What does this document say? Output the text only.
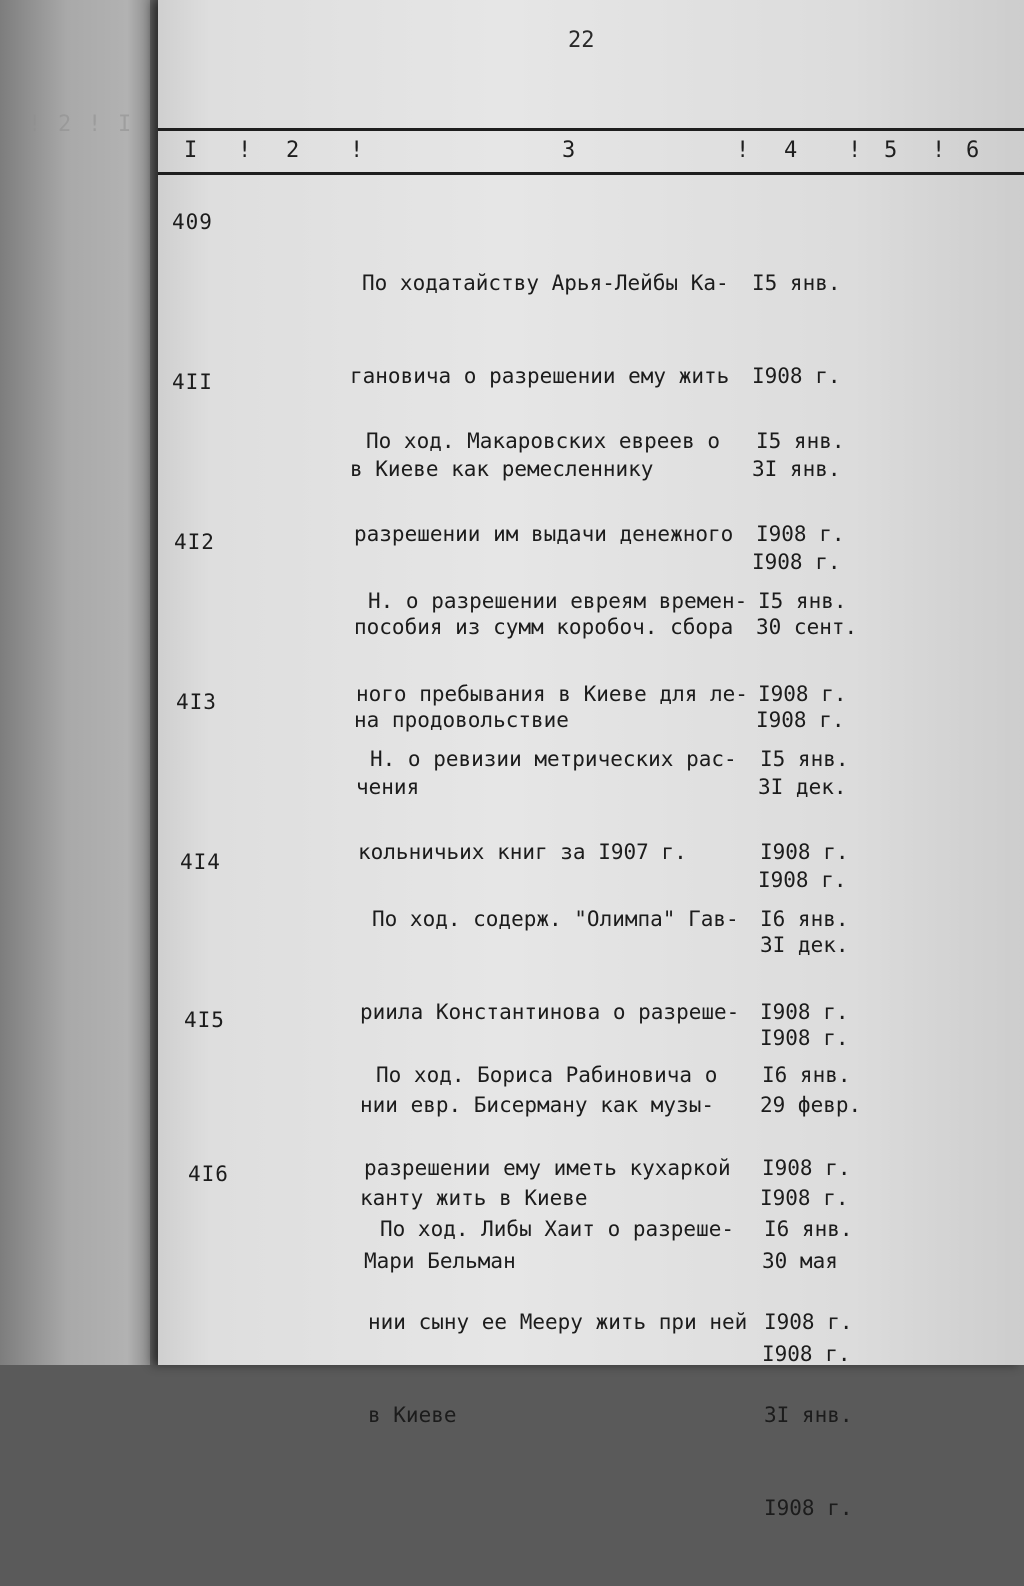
! 2 ! I
22
I ! 2 !	3	! 4 ! 5 ! 6
409

По ходатайству Арья-Лейбы Ка-

гановича о разрешении ему жить

в Киеве как ремесленнику

I5 янв.

I908 г.

3I янв.

I908 г.

4II

По ход. Макаровских евреев о

разрешении им выдачи денежного

пособия из сумм коробоч. сбора

на продовольствие

I5 янв.

I908 г.

30 сент.

I908 г.

4I2

Н. о разрешении евреям времен-

ного пребывания в Киеве для ле-

чения

I5 янв.

I908 г.

3I дек.

I908 г.

4I3

Н. о ревизии метрических рас-

кольничьих книг за I907 г.

I5 янв.

I908 г.

3I дек.

I908 г.

4I4

По ход. содерж. "Олимпа" Гав-

риила Константинова о разреше-

нии евр. Бисерману как музы-

канту жить в Киеве

I6 янв.

I908 г.

29 февр.

I908 г.

4I5

По ход. Бориса Рабиновича о

разрешении ему иметь кухаркой

Мари Бельман

I6 янв.

I908 г.

30 мая

I908 г.

4I6

По ход. Либы Хаит о разреше-

нии сыну ее Мееру жить при ней

в Киеве

I6 янв.

I908 г.

3I янв.

I908 г.
